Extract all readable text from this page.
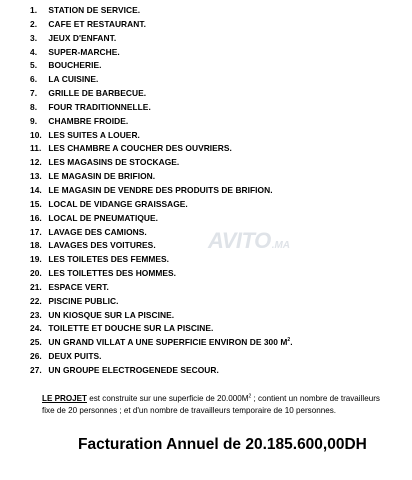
1. STATION DE SERVICE.
2. CAFE ET RESTAURANT.
3. JEUX D'ENFANT.
4. SUPER-MARCHE.
5. BOUCHERIE.
6. LA CUISINE.
7. GRILLE DE BARBECUE.
8. FOUR TRADITIONNELLE.
9. CHAMBRE FROIDE.
10. LES SUITES A LOUER.
11. LES CHAMBRE A COUCHER DES OUVRIERS.
12. LES MAGASINS DE STOCKAGE.
13. LE MAGASIN DE BRIFION.
14. LE MAGASIN DE VENDRE DES PRODUITS DE BRIFION.
15. LOCAL DE VIDANGE GRAISSAGE.
16. LOCAL DE PNEUMATIQUE.
17. LAVAGE DES CAMIONS.
18. LAVAGES DES VOITURES.
19. LES TOILETES DES FEMMES.
20. LES TOILETTES DES HOMMES.
21. ESPACE VERT.
22. PISCINE PUBLIC.
23. UN KIOSQUE SUR LA PISCINE.
24. TOILETTE ET DOUCHE SUR LA PISCINE.
25. UN GRAND VILLAT A UNE SUPERFICIE ENVIRON DE 300 $M^2$.
26. DEUX PUITS.
27. UN GROUPE ELECTROGENEDE SECOUR.
AVITO.MA

LE PROJET est construite sur une superficie de $20.000M^2$ ; contient un nombre de travailleurs fixe de 20 personnes ; et d'un nombre de travailleurs temporaire de 10 personnes.

Facturation Annuel de 20.185.600,00DH
